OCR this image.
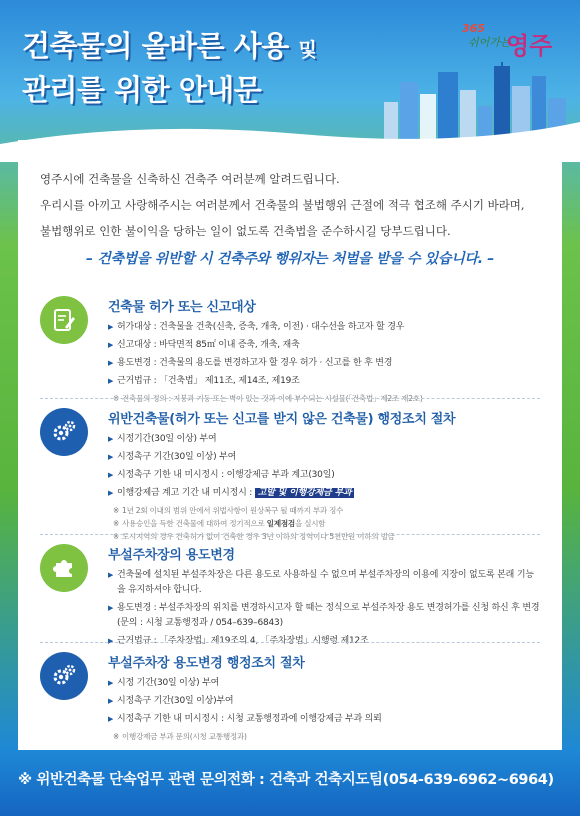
건축물의 올바른 사용 및
관리를 위한 안내문
365
쉬어가는
영주
영주시에 건축물을 신축하신 건축주 여러분께 알려드립니다.
우리시를 아끼고 사랑해주시는 여러분께서 건축물의 불법행위 근절에 적극 협조해 주시기 바라며,
불법행위로 인한 불이익을 당하는 일이 없도록 건축법을 준수하시길 당부드립니다.
– 건축법을 위반할 시 건축주와 행위자는 처벌을 받을 수 있습니다. –
건축물 허가 또는 신고대상
▶ 허가대상 : 건축물을 건축(신축, 증축, 개축, 이전) · 대수선을 하고자 할 경우
▶ 신고대상 : 바닥면적 85㎡ 이내 증축, 개축, 재축
▶ 용도변경 : 건축물의 용도를 변경하고자 할 경우 허가 · 신고를 한 후 변경
▶ 근거법규 : 「건축법」 제11조, 제14조, 제19조
※ 건축물의 정의 : 지붕과 기둥 또는 벽이 있는 것과 이에 부수되는 시설물(「건축법」제2조 제2호)
위반건축물(허가 또는 신고를 받지 않은 건축물) 행정조치 절차
▶ 시정기간(30일 이상) 부여
▶ 시정촉구 기간(30일 이상) 부여
▶ 시정촉구 기한 내 미시정시 : 이행강제금 부과 계고(30일)
▶ 이행강제금 계고 기간 내 미시정시 : 고발 및 이행강제금 부과
※ 1년 2회 이내의 범위 안에서 위법사항이 원상복구 될 때까지 부과 징수
※ 사용승인을 득한 건축물에 대하여 정기적으로 일제점검을 실시함
※ 도시지역의 경우 건축허가 없이 건축한 경우 3년 이하의 징역이나 5천만원 이하의 벌금
부설주차장의 용도변경
▶ 건축물에 설치된 부설주차장은 다른 용도로 사용하실 수 없으며 부설주차장의 이용에 지장이 없도록 본래 기능을 유지하셔야 합니다.
▶ 용도변경 : 부설주차장의 위치를 변경하시고자 할 때는 정식으로 부설주차장 용도 변경허가를 신청 하신 후 변경 (문의 : 시청 교통행정과 / 054–639–6843)
▶ 근거법규 : 「주차장법」제19조의 4, 「주차장법」시행령 제12조
부설주차장 용도변경 행정조치 절차
▶ 시정 기간(30일 이상) 부여
▶ 시정촉구 기간(30일 이상)부여
▶ 시정촉구 기한 내 미시정시 : 시청 교통행정과에 이행강제금 부과 의뢰
※ 이행강제금 부과 문의(시청 교통행정과)
※ 위반건축물 단속업무 관련 문의전화 : 건축과 건축지도팀(054-639-6962~6964)
